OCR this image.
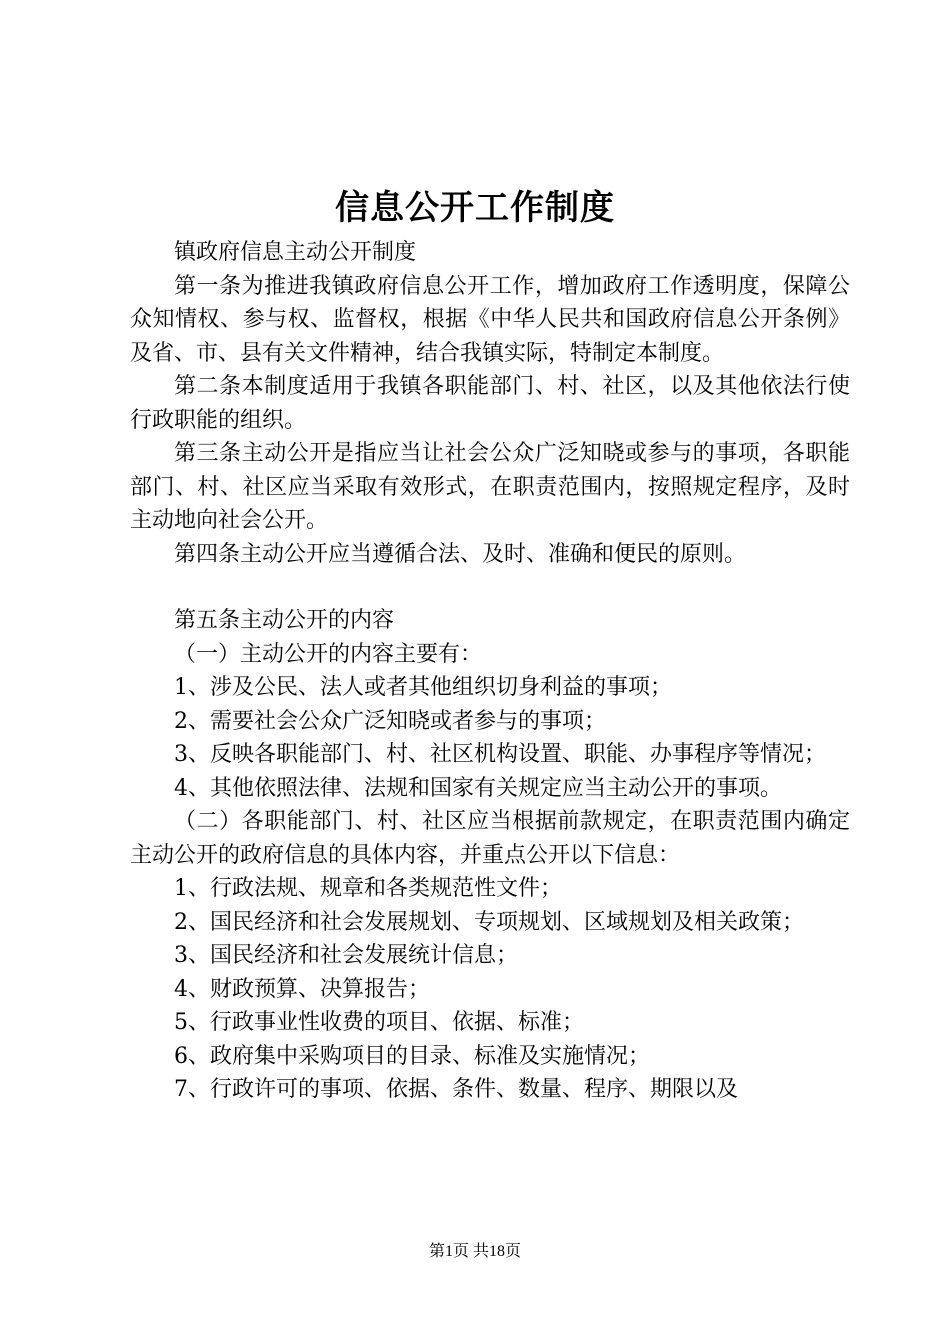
信息公开工作制度

镇政府信息主动公开制度

第一条为推进我镇政府信息公开工作，增加政府工作透明度，保障公众知情权、参与权、监督权，根据《中华人民共和国政府信息公开条例》及省、市、县有关文件精神，结合我镇实际，特制定本制度。

第二条本制度适用于我镇各职能部门、村、社区，以及其他依法行使行政职能的组织。

第三条主动公开是指应当让社会公众广泛知晓或参与的事项，各职能部门、村、社区应当采取有效形式，在职责范围内，按照规定程序，及时主动地向社会公开。

第四条主动公开应当遵循合法、及时、准确和便民的原则。

第五条主动公开的内容

（一）主动公开的内容主要有：

1、涉及公民、法人或者其他组织切身利益的事项；

2、需要社会公众广泛知晓或者参与的事项；

3、反映各职能部门、村、社区机构设置、职能、办事程序等情况；

4、其他依照法律、法规和国家有关规定应当主动公开的事项。

（二）各职能部门、村、社区应当根据前款规定，在职责范围内确定主动公开的政府信息的具体内容，并重点公开以下信息：

1、行政法规、规章和各类规范性文件；

2、国民经济和社会发展规划、专项规划、区域规划及相关政策；

3、国民经济和社会发展统计信息；

4、财政预算、决算报告；

5、行政事业性收费的项目、依据、标准；

6、政府集中采购项目的目录、标准及实施情况；

7、行政许可的事项、依据、条件、数量、程序、期限以及

第1页 共18页
